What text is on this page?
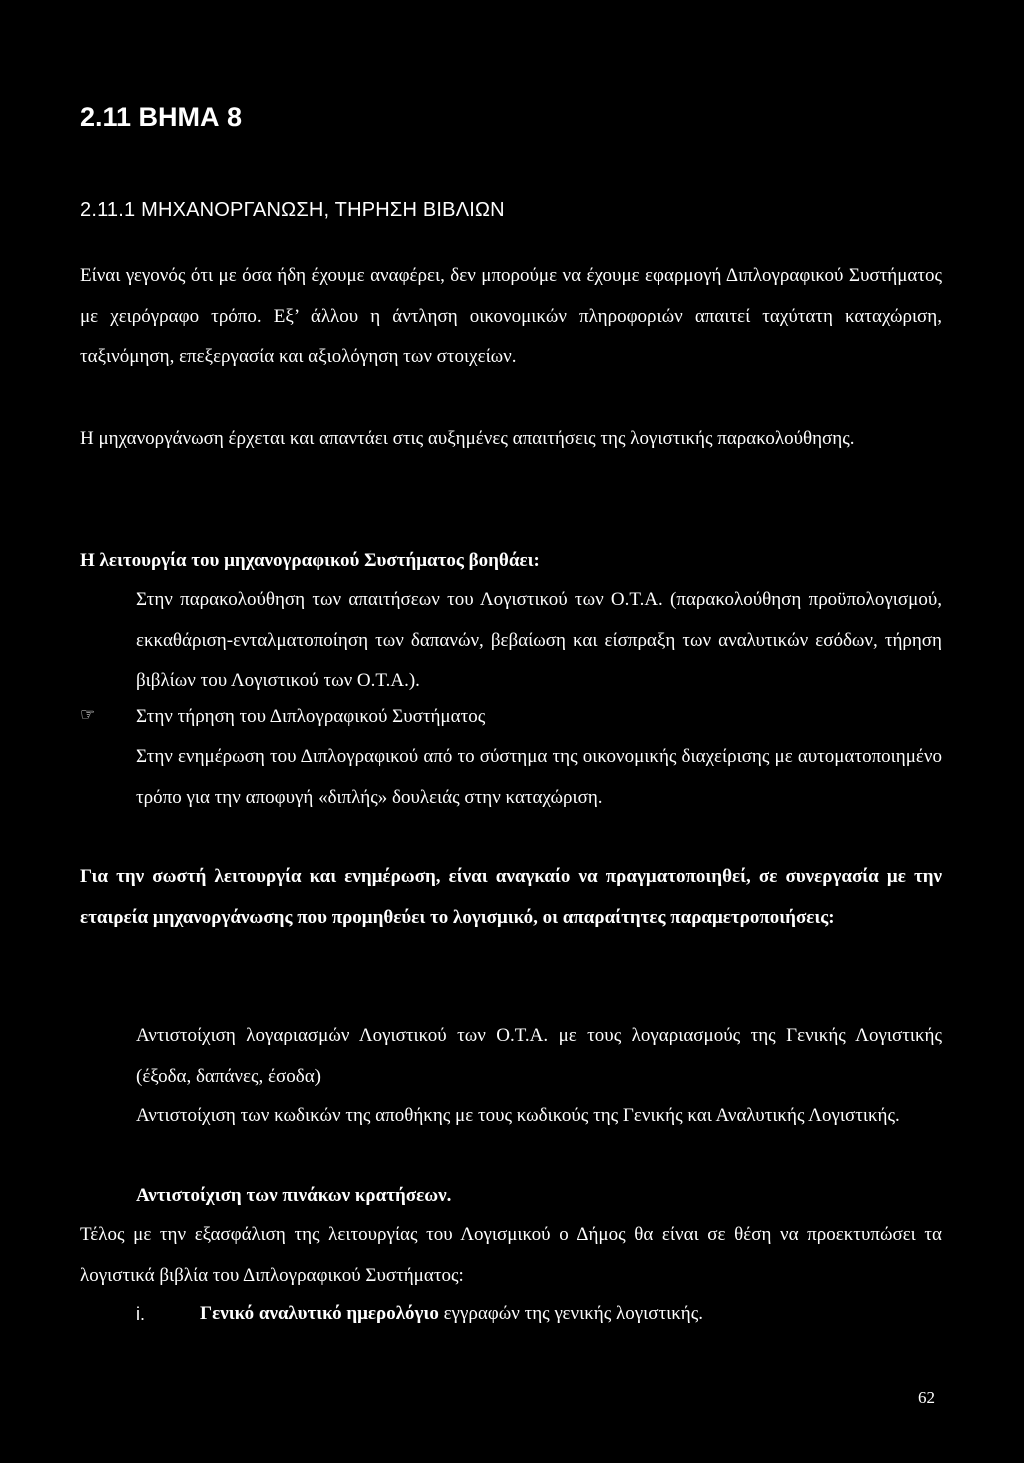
2.11 ΒΗΜΑ 8
2.11.1 ΜΗΧΑΝΟΡΓΑΝΩΣΗ, ΤΗΡΗΣΗ ΒΙΒΛΙΩΝ
Είναι γεγονός ότι με όσα ήδη έχουμε αναφέρει, δεν μπορούμε να έχουμε εφαρμογή Διπλογραφικού Συστήματος με χειρόγραφο τρόπο. Εξ’ άλλου η άντληση οικονομικών πληροφοριών απαιτεί ταχύτατη καταχώριση, ταξινόμηση, επεξεργασία και αξιολόγηση των στοιχείων.
Η μηχανοργάνωση έρχεται και απαντάει στις αυξημένες απαιτήσεις της λογιστικής παρακολούθησης.
Η λειτουργία του μηχανογραφικού Συστήματος βοηθάει:
Στην παρακολούθηση των απαιτήσεων του Λογιστικού των Ο.Τ.Α. (παρακολούθηση προϋπολογισμού, εκκαθάριση-ενταλματοποίηση των δαπανών, βεβαίωση και είσπραξη των αναλυτικών εσόδων, τήρηση βιβλίων του Λογιστικού των Ο.Τ.Α.).
☞ Στην τήρηση του Διπλογραφικού Συστήματος
Στην ενημέρωση του Διπλογραφικού από το σύστημα της οικονομικής διαχείρισης με αυτοματοποιημένο τρόπο για την αποφυγή «διπλής» δουλειάς στην καταχώριση.
Για την σωστή λειτουργία και ενημέρωση, είναι αναγκαίο να πραγματοποιηθεί, σε συνεργασία με την εταιρεία μηχανοργάνωσης που προμηθεύει το λογισμικό, οι απαραίτητες παραμετροποιήσεις:
Αντιστοίχιση λογαριασμών Λογιστικού των Ο.Τ.Α. με τους λογαριασμούς της Γενικής Λογιστικής (έξοδα, δαπάνες, έσοδα)
Αντιστοίχιση των κωδικών της αποθήκης με τους κωδικούς της Γενικής και Αναλυτικής Λογιστικής.
Αντιστοίχιση των πινάκων κρατήσεων.
Τέλος με την εξασφάλιση της λειτουργίας του Λογισμικού ο Δήμος θα είναι σε θέση να προεκτυπώσει τα λογιστικά βιβλία του Διπλογραφικού Συστήματος:
i.	Γενικό αναλυτικό ημερολόγιο εγγραφών της γενικής λογιστικής.
62
